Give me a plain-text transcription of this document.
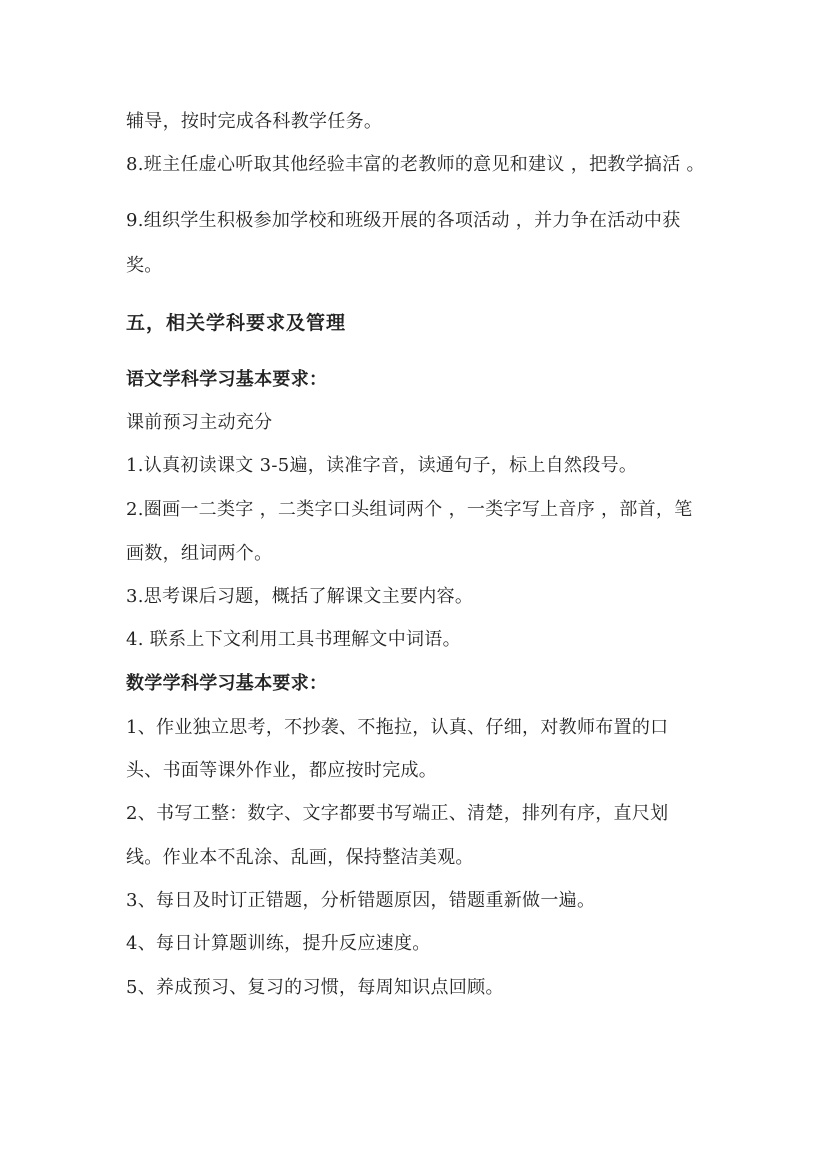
辅导，按时完成各科教学任务。
8.班主任虚心听取其他经验丰富的老教师的意见和建议 ，把教学搞活 。
9.组织学生积极参加学校和班级开展的各项活动 ，并力争在活动中获
奖。
五，相关学科要求及管理
语文学科学习基本要求：
课前预习主动充分
1.认真初读课文 3-5遍，读准字音，读通句子，标上自然段号。
2.圈画一二类字 ，二类字口头组词两个 ，一类字写上音序 ，部首，笔
画数，组词两个。
3.思考课后习题，概括了解课文主要内容。
4. 联系上下文利用工具书理解文中词语。
数学学科学习基本要求：
1、作业独立思考，不抄袭、不拖拉，认真、仔细，对教师布置的口
头、书面等课外作业，都应按时完成。
2、书写工整：数字、文字都要书写端正、清楚，排列有序，直尺划
线。作业本不乱涂、乱画，保持整洁美观。
3、每日及时订正错题，分析错题原因，错题重新做一遍。
4、每日计算题训练，提升反应速度。
5、养成预习、复习的习惯，每周知识点回顾。
